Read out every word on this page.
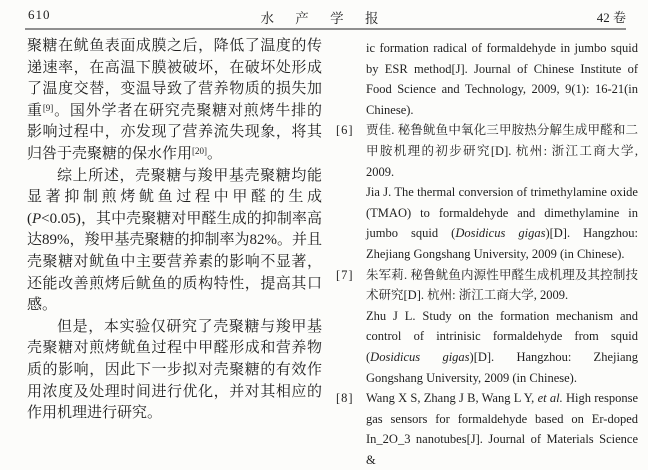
610	水 产 学 报	42 卷
聚糖在鱿鱼表面成膜之后，降低了温度的传递速率，在高温下膜被破坏，在破坏处形成了温度交替，变温导致了营养物质的损失加重[9]。国外学者在研究壳聚糖对煎烤牛排的影响过程中，亦发现了营养流失现象，将其归咎于壳聚糖的保水作用[20]。
综上所述，壳聚糖与羧甲基壳聚糖均能显著抑制煎烤鱿鱼过程中甲醛的生成(P<0.05)，其中壳聚糖对甲醛生成的抑制率高达89%，羧甲基壳聚糖的抑制率为82%。并且壳聚糖对鱿鱼中主要营养素的影响不显著，还能改善煎烤后鱿鱼的质构特性，提高其口感。
但是，本实验仅研究了壳聚糖与羧甲基壳聚糖对煎烤鱿鱼过程中甲醛形成和营养物质的影响，因此下一步拟对壳聚糖的有效作用浓度及处理时间进行优化，并对其相应的作用机理进行研究。
ic formation radical of formaldehyde in jumbo squid by ESR method[J]. Journal of Chinese Institute of Food Science and Technology, 2009, 9(1): 16-21(in Chinese).
[6] 贾佳. 秘鲁鱿鱼中氧化三甲胺热分解生成甲醛和二甲胺机理的初步研究[D]. 杭州: 浙江工商大学, 2009.
Jia J. The thermal conversion of trimethylamine oxide (TMAO) to formaldehyde and dimethylamine in jumbo squid (Dosidicus gigas)[D]. Hangzhou: Zhejiang Gongshang University, 2009 (in Chinese).
[7] 朱军莉. 秘鲁鱿鱼内源性甲醛生成机理及其控制技术研究[D]. 杭州: 浙江工商大学, 2009.
Zhu J L. Study on the formation mechanism and control of intrinisic formaldehyde from squid (Dosidicus gigas)[D]. Hangzhou: Zhejiang Gongshang University, 2009 (in Chinese).
[8] Wang X S, Zhang J B, Wang L Y, et al. High response gas sensors for formaldehyde based on Er-doped In_2O_3 nanotubes[J]. Journal of Materials Science &
